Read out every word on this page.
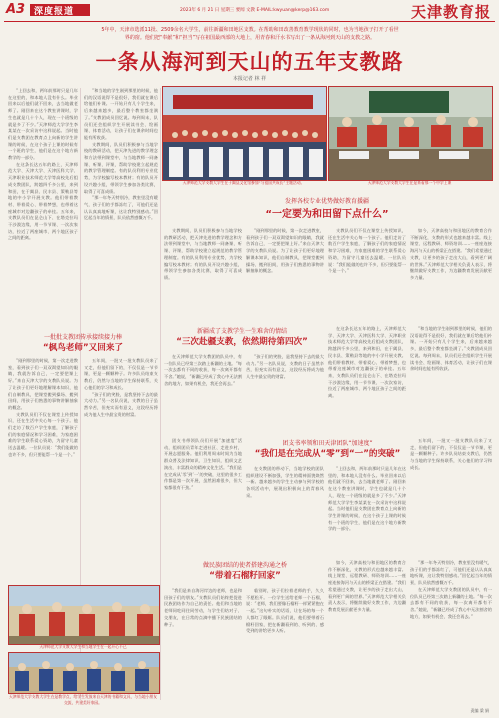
A3 深度报道	2023年 6 月 21 日 星期三 要闻 文教 E-MAIL:kwyuan@kerp@163.com	天津教育报
5年中，天津市选派11批、2509余名大学生，前往新疆和田地区支教。在帮助和田改善教育教学现状的同时，也为当地孩子打开了看世界的窗。他们把“奉献”和“担当”写在祖国最西部的大地上，用青春和汗水书写出了一条从海河到天山的支教之路。
一条从海河到天山的五年支教路
本报记者 林 祥
天津师范大学支教大学生在于阗县文化馆参加“与祖国共成长”主题活动。	天津师范大学支教大学生在是来看那一个中学上课

“上回去和，两年前那时只是几年在这里的，和本地人没有什么。毕业回来以后他们就不回来，去当地做老师了。刚回来在这个教室讲课时，学生也就是几十个人，现在一个班级的就是多了不少。”天津师范大学学生李某某在一次采访中这样说起。当时他们是支教团在教育点上向新的学生讲课的时候，在这个孩子上课的时候有一个班的学生，他们是在这个地方新教学的一部分。

在这条长达五年的路上，天津师范大学、天津大学、天津医科大学、天津职业技术师范大学等高校先后组成支教团队，跨越四千多公里，来到和田，在于阗县、民丰县、策勒县等地的中小学开展支教。他们带着教材、带着爱心、带着梦想，也带着这座城市对边疆孩子的牵挂。五年来，支教队员们在昆仑山下、在塔克拉玛干沙漠边缘，用一节节课、一次次家访，拉近了两座城市、两个地区孩子之间的距离。

“和当地的学生刚到那里的时候，他们的汉语说得不是很好，我们就在课后给他们补课。一开始只有几个学生来，后来越来越多，最后整个教室都坐满了。”支教团成员回忆说。每到周末，队员们还会组织学生开展读书会、绘画课、体育活动，让孩子们在课余时间也能有所收获。

支教期间，队员们积极参与当地学校的教研活动，把天津先进的教学理念和方法带到课堂中，与当地教师一同备课、听课、评课，帮助学校建立起规范的教学管理制度。有的队员利用专业优势，为学校编写校本教材；有的队员开设兴趣小组，带领学生参加各类比赛，取得了可喜成绩。

“那一年冬天特别冷，教室里没有暖气，孩子们的手都冻红了，可他们还是认认真真地听课，这让我特别感动。”回忆起当年的情景，队员依然感慨万千。

一批批支教团传承接续接力棒
“枫鸟老师”又回来了

“刚到那里的时候，第一次走进教室，看到孩子们一双双渴望知识的眼睛，我就告诉自己，一定要把课上好。”来自天津大学的支教队员说。为了让孩子们更好地理解课本知识，他们自制教具，把课堂搬到操场、搬到田间，用孩子们熟悉的事物讲解抽象的概念。

支教队员们不仅在课堂上传授知识，还在生活中关心每一个孩子。他们走访了数百户学生家庭，了解孩子们的家庭情况和学习困难，为家庭困难的学生联系爱心资助，为留守儿童送去温暖。一位队员说：“我们能做的也许不多，但只要能帮一个是一个。”

五年间，一批又一批支教队员来了又走，但他们留下的，不仅仅是一节节课，更是一颗颗种子。许多队员结束支教后，仍然与当地的学生保持联系，关心他们的学习和成长。

“孩子们的笑脸，是我坚持下去的最大动力。”另一名队员说，支教的日子虽然辛苦，但充实而有意义，这段经历将成为他人生中最宝贵的财富。

天津师范大学支教大学生和当地学生在一起开心不已
天津师范大学支教大学生在是教学点，给学生发放来自天津的书籍和文具，与当地小朋友交流，共建美好家园。
发挥各校专业优势做好教育援疆
“一定要为和田留下点什么”

支教期间，队员们积极参与当地学校的教研活动，把天津先进的教学理念和方法带到课堂中，与当地教师一同备课、听课、评课，帮助学校建立起规范的教学管理制度。有的队员利用专业优势，为学校编写校本教材；有的队员开设兴趣小组，带领学生参加各类比赛，取得了可喜成绩。

“刚到那里的时候，第一次走进教室，看到孩子们一双双渴望知识的眼睛，我就告诉自己，一定要把课上好。”来自天津大学的支教队员说。为了让孩子们更好地理解课本知识，他们自制教具，把课堂搬到操场、搬到田间，用孩子们熟悉的事物讲解抽象的概念。

支教队员们不仅在课堂上传授知识，还在生活中关心每一个孩子。他们走访了数百户学生家庭，了解孩子们的家庭情况和学习困难，为家庭困难的学生联系爱心资助，为留守儿童送去温暖。一位队员说：“我们能做的也许不多，但只要能帮一个是一个。”

如今，天津高校与和田地区的教育合作不断深化，支教的形式也越来越丰富。线上课堂、远程教研、师资培训……一座座连接海河与天山的桥梁正在搭建。“我们希望通过支教，让更多的孩子走出大山，看到更广阔的世界。”天津师范大学相关负责人表示，将继续做好支教工作，为边疆教育发展贡献更多力量。

新疆成了支教学生一生难舍的情结
“三次赴疆支教，依然期待第四次”

在天津师范大学支教团的队员中，有一位队员已经第三次踏上新疆的土地。“每一次去都有不同的收获，每一次离开都有不舍。”她说，“新疆已经成了我心中无法割舍的地方，如果有机会，我还会再去。”

“孩子们的笑脸，是我坚持下去的最大动力。”另一名队员说，支教的日子虽然辛苦，但充实而有意义，这段经历将成为他人生中最宝贵的财富。

在这条长达五年的路上，天津师范大学、天津大学、天津医科大学、天津职业技术师范大学等高校先后组成支教团队，跨越四千多公里，来到和田，在于阗县、民丰县、策勒县等地的中小学开展支教。他们带着教材、带着爱心、带着梦想，也带着这座城市对边疆孩子的牵挂。五年来，支教队员们在昆仑山下、在塔克拉玛干沙漠边缘，用一节节课、一次次家访，拉近了两座城市、两个地区孩子之间的距离。

“和当地的学生刚到那里的时候，他们的汉语说得不是很好，我们就在课后给他们补课。一开始只有几个学生来，后来越来越多，最后整个教室都坐满了。”支教团成员回忆说。每到周末，队员们还会组织学生开展读书会、绘画课、体育活动，让孩子们在课余时间也能有所收获。

团支书率领和田天津团队“加速度”
“我们是在完成从“零”到“一”的突破”

团支书带领队员们开展“加速度”活动，组织团员青年走进社区、走进乡村，开展志愿服务。他们利用周末时间为当地群众普及法律知识、卫生知识，组织文艺演出，丰富群众的精神文化生活。“我们是在完成从‘零’到‘一’的突破，这里的很多工作都是第一次开展，虽然困难很多，但大家都很有干劲。”

在支教团的带动下，当地学校的团队组织建设不断加强，学生的精神面貌焕然一新。越来越多的学生主动参与到学校的各项活动中，展现出积极向上的青春风采。

“上回去和，两年前那时只是几年在这里的，和本地人没有什么。毕业回来以后他们就不回来，去当地做老师了。刚回来在这个教室讲课时，学生也就是几十个人，现在一个班级的就是多了不少。”天津师范大学学生李某某在一次采访中这样说起。当时他们是支教团在教育点上向新的学生讲课的时候，在这个孩子上课的时候有一个班的学生，他们是在这个地方新教学的一部分。

五年间，一批又一批支教队员来了又走，但他们留下的，不仅仅是一节节课，更是一颗颗种子。许多队员结束支教后，仍然与当地的学生保持联系，关心他们的学习和成长。

做民族团结的使者搭建沟通之桥
“带着石榴籽回家”

“我们是来自海河岸边的老师，也是和田孩子们的朋友。”支教队员们始终把促进民族团结作为自己的责任。他们和当地的老师同吃同住同劳动，与学生们结对子、交朋友，在日常的点滴中播下民族团结的种子。

临别时，孩子们拉着老师的手，久久不愿松开。一位学生送给老师一个石榴，说：“老师，我们要像石榴籽一样紧紧抱在一起。”这句朴实的话语，让在场的每一个人都红了眼眶。队员们说，他们要带着石榴籽回家，把在新疆看到的、听到的、感受到的讲给更多人听。

如今，天津高校与和田地区的教育合作不断深化，支教的形式也越来越丰富。线上课堂、远程教研、师资培训……一座座连接海河与天山的桥梁正在搭建。“我们希望通过支教，让更多的孩子走出大山，看到更广阔的世界。”天津师范大学相关负责人表示，将继续做好支教工作，为边疆教育发展贡献更多力量。

“那一年冬天特别冷，教室里没有暖气，孩子们的手都冻红了，可他们还是认认真真地听课，这让我特别感动。”回忆起当年的情景，队员依然感慨万千。

在天津师范大学支教团的队员中，有一位队员已经第三次踏上新疆的土地。“每一次去都有不同的收获，每一次离开都有不舍。”她说，“新疆已经成了我心中无法割舍的地方，如果有机会，我还会再去。”

责编 梁 娟
